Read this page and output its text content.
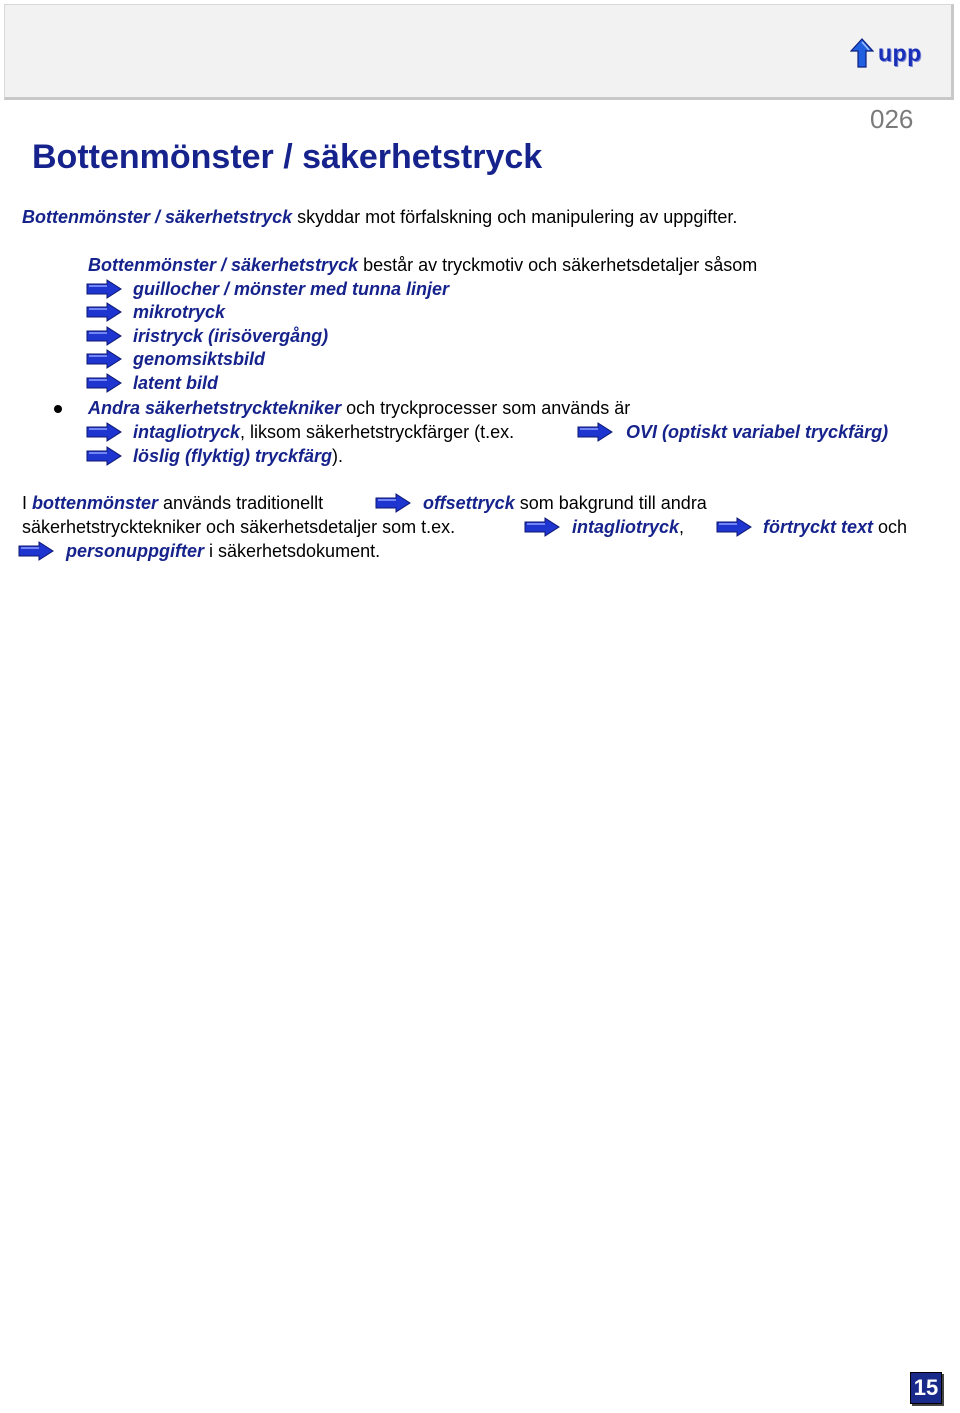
upp
026
Bottenmönster / säkerhetstryck
Bottenmönster / säkerhetstryck skyddar mot förfalskning och manipulering av uppgifter.
Bottenmönster / säkerhetstryck består av tryckmotiv och säkerhetsdetaljer såsom
guillocher / mönster med tunna linjer
mikrotryck
iristryck (irisövergång)
genomsiktsbild
latent bild
Andra säkerhetstrycktekniker och tryckprocesser som används är
intagliotryck, liksom säkerhetstryckfärger (t.ex.	OVI (optiskt variabel tryckfärg)
löslig (flyktig) tryckfärg).
I bottenmönster används traditionellt	offsettryck som bakgrund till andra
säkerhetstrycktekniker och säkerhetsdetaljer som t.ex.	intagliotryck,	förtryckt text och
personuppgifter i säkerhetsdokument.
15
